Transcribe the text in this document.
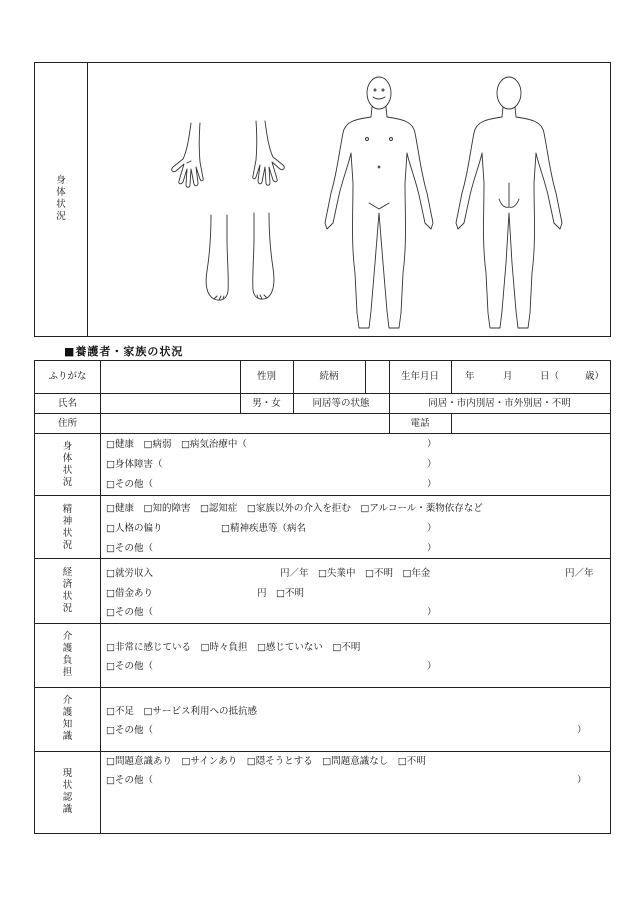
身
体
状
況
■養護者・家族の状況
ふりがな	性別	続柄	生年月日	年	月	日（	歳）
氏名	男・女	同居等の状態	同居・市内別居・市外別居・不明
住所	電話
身
体
状
況
□健康　□病弱　□病気治療中（	）
□身体障害（	）
□その他（	）
精
神
状
況
□健康　□知的障害　□認知症　□家族以外の介入を拒む　□アルコール・薬物依存など
□人格の偏り	□精神疾患等（病名	）
□その他（	）
経
済
状
況
□就労収入	円／年　□失業中　□不明　□年金	円／年
□借金あり	円　□不明
□その他（	）
介
護
負
担
□非常に感じている　□時々負担　□感じていない　□不明
□その他（	）
介
護
知
識
□不足　□サービス利用への抵抗感
□その他（	）
現
状
認
識
□問題意識あり　□サインあり　□隠そうとする　□問題意識なし　□不明
□その他（	）
